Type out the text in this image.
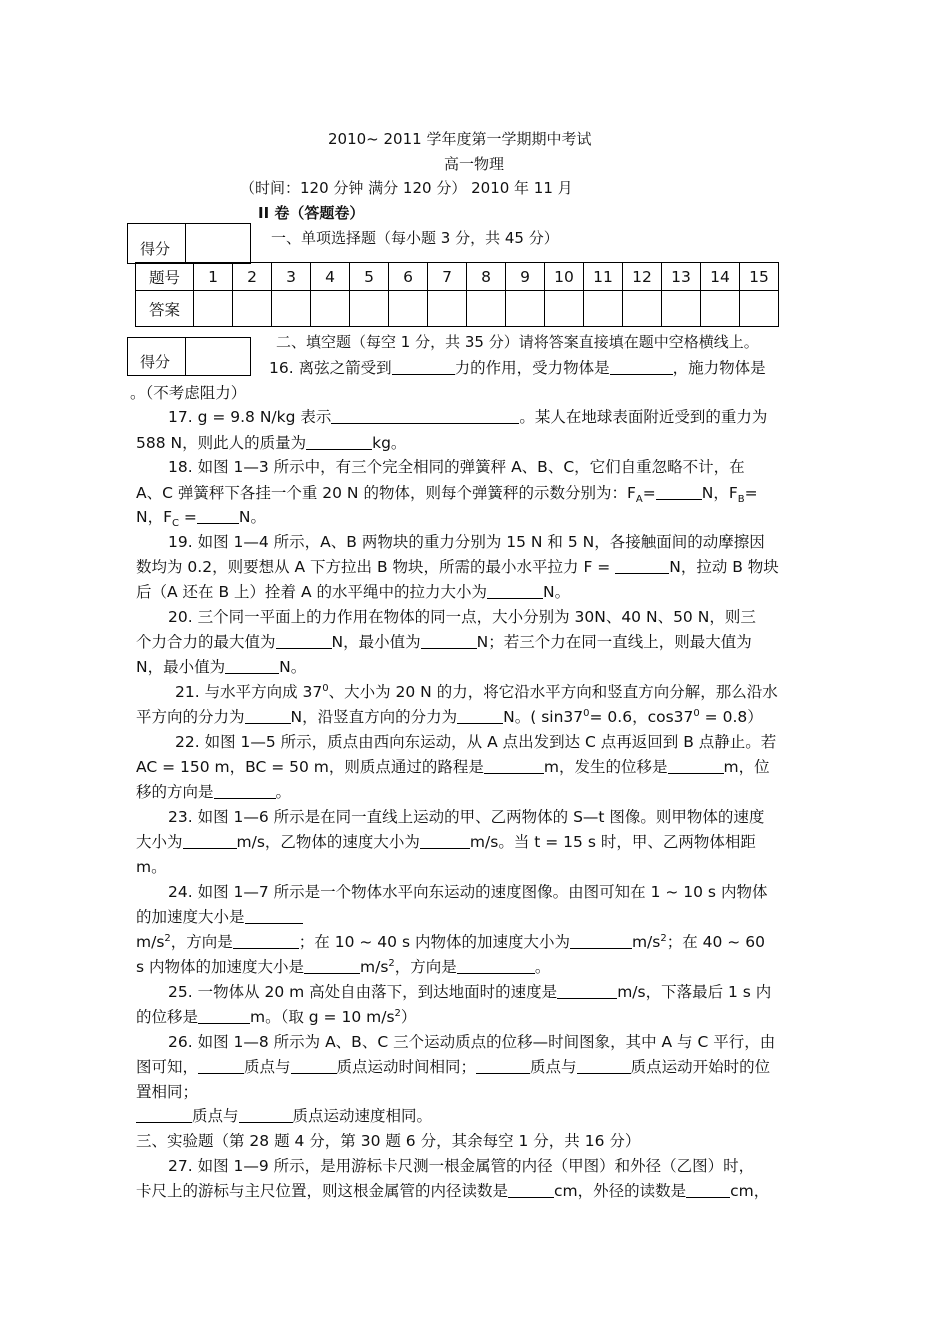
2010~ 2011 学年度第一学期期中考试
高一物理
（时间：120 分钟 满分 120 分） 2010 年 11 月
II 卷（答题卷）
得分
一、单项选择题（每小题 3 分，共 45 分）
题号	1	2	3	4	5	6	7	8	9	10	11	12	13	14	15
答案															
二、填空题（每空 1 分，共 35 分）请将答案直接填在题中空格横线上。
得分	16. 离弦之箭受到	力的作用，受力物体是	，施力物体是
。（不考虑阻力）
17. g = 9.8 N/kg 表示	。某人在地球表面附近受到的重力为
588 N，则此人的质量为	kg。
18. 如图 1—3 所示中，有三个完全相同的弹簧秤 A、B、C，它们自重忽略不计，在
A、C 弹簧秤下各挂一个重 20 N 的物体，则每个弹簧秤的示数分别为：$F_A=$	N，$F_B=$
N，$F_C$ =	N。
19. 如图 1—4 所示，A、B 两物块的重力分别为 15 N 和 5 N，各接触面间的动摩擦因
数均为 0.2，则要想从 A 下方拉出 B 物块，所需的最小水平拉力 F =	N，拉动 B 物块
后（A 还在 B 上）拴着 A 的水平绳中的拉力大小为	N。
20. 三个同一平面上的力作用在物体的同一点，大小分别为 30N、40 N、50 N，则三
个力合力的最大值为	N，最小值为	N；若三个力在同一直线上，则最大值为
N，最小值为	N。
21. 与水平方向成 $37^0$、大小为 20 N 的力，将它沿水平方向和竖直方向分解，那么沿水
平方向的分力为	N，沿竖直方向的分力为	N。( $\sin 37^0= 0.6$，$\cos 37^0 = 0.8$）
22. 如图 1—5 所示，质点由西向东运动，从 A 点出发到达 C 点再返回到 B 点静止。若
AC = 150 m，BC = 50 m，则质点通过的路程是	m，发生的位移是	m，位
移的方向是	。
23. 如图 1—6 所示是在同一直线上运动的甲、乙两物体的 S—t 图像。则甲物体的速度
大小为	m/s，乙物体的速度大小为	m/s。当 t = 15 s 时，甲、乙两物体相距
m。
24. 如图 1—7 所示是一个物体水平向东运动的速度图像。由图可知在 1 ~ 10 s 内物体
的加速度大小是
$m/s^2$，方向是	；在 10 ~ 40 s 内物体的加速度大小为	$m/s^2$；在 40 ~ 60
s 内物体的加速度大小是	$m/s^2$，方向是	。
25. 一物体从 20 m 高处自由落下，到达地面时的速度是	m/s，下落最后 1 s 内
的位移是	m。（取 g = 10 $m/s^2$）
26. 如图 1—8 所示为 A、B、C 三个运动质点的位移—时间图象，其中 A 与 C 平行，由
图可知，	质点与	质点运动时间相同；	质点与	质点运动开始时的位
置相同；
质点与	质点运动速度相同。
三、实验题（第 28 题 4 分，第 30 题 6 分，其余每空 1 分，共 16 分）
27. 如图 1—9 所示，是用游标卡尺测一根金属管的内径（甲图）和外径（乙图）时，
卡尺上的游标与主尺位置，则这根金属管的内径读数是	cm，外径的读数是	cm，
